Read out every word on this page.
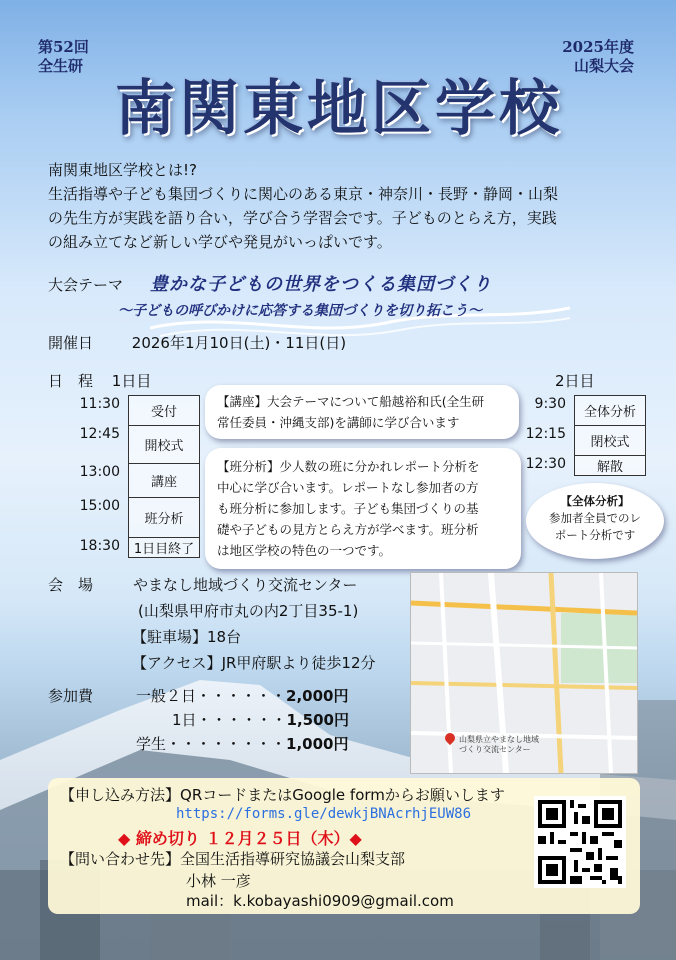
第52回
全生研
2025年度
山梨大会
南関東地区学校
南関東地区学校とは!?
生活指導や子ども集団づくりに関心のある東京・神奈川・長野・静岡・山梨
の先生方が実践を語り合い，学び合う学習会です。子どものとらえ方，実践
の組み立てなど新しい学びや発見がいっぱいです。
大会テーマ 豊かな子どもの世界をつくる集団づくり
～子どもの呼びかけに応答する集団づくりを切り拓こう～
開催日	2026年1月10日(土)・11日(日)
日　程 1日目	2日目
11:30	受付
12:45	開校式
13:00	講座
15:00	班分析
18:30	1日目終了
9:30	全体分析
12:15	閉校式
12:30	解散
【講座】大会テーマについて船越裕和氏(全生研
常任委員・沖縄支部)を講師に学び合います
【班分析】少人数の班に分かれレポート分析を
中心に学び合います。レポートなし参加者の方
も班分析に参加します。子ども集団づくりの基
礎や子どもの見方とらえ方が学べます。班分析
は地区学校の特色の一つです。
【全体分析】
参加者全員でのレ
ポート分析です
会　場	やまなし地域づくり交流センター
(山梨県甲府市丸の内2丁目35-1)
【駐車場】18台
【アクセス】JR甲府駅より徒歩12分
山梨県立やまなし地域
づくり交流センター
参加費	一般２日・・・・・・2,000円
1日・・・・・・1,500円
学生・・・・・・・・1,000円
【申し込み方法】QRコードまたはGoogle formからお願いします
https://forms.gle/dewkjBNAcrhjEUW86
◆ 締め切り １２月２５日（木）◆
【問い合わせ先】全国生活指導研究協議会山梨支部
小林 一彦
mail：k.kobayashi0909@gmail.com
